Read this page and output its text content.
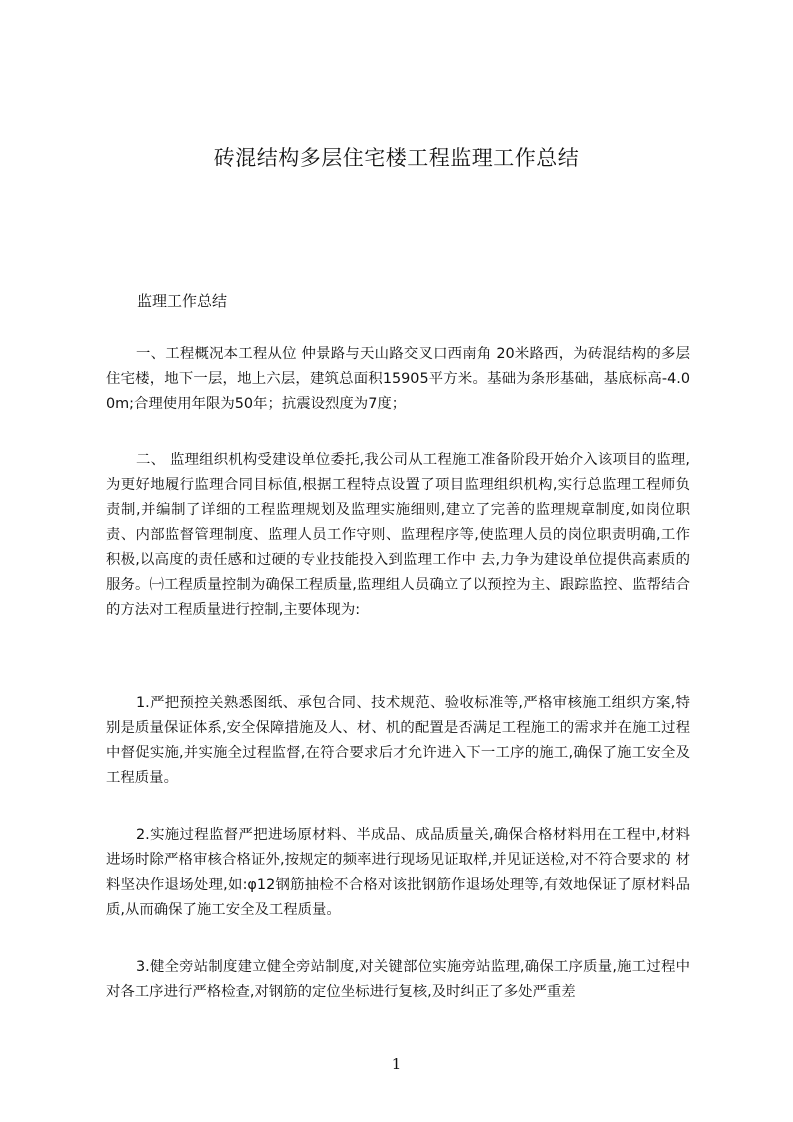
砖混结构多层住宅楼工程监理工作总结
监理工作总结
一、工程概况本工程从位 仲景路与天山路交叉口西南角 20米路西，为砖混结构的多层住宅楼，地下一层，地上六层，建筑总面积15905平方米。基础为条形基础，基底标高-4.00m;合理使用年限为50年；抗震设烈度为7度；
二、 监理组织机构受建设单位委托,我公司从工程施工准备阶段开始介入该项目的监理,为更好地履行监理合同目标值,根据工程特点设置了项目监理组织机构,实行总监理工程师负责制,并编制了详细的工程监理规划及监理实施细则,建立了完善的监理规章制度,如岗位职责、内部监督管理制度、监理人员工作守则、监理程序等,使监理人员的岗位职责明确,工作积极,以高度的责任感和过硬的专业技能投入到监理工作中 去,力争为建设单位提供高素质的服务。㈠工程质量控制为确保工程质量,监理组人员确立了以预控为主、跟踪监控、监帮结合的方法对工程质量进行控制,主要体现为:
1.严把预控关熟悉图纸、承包合同、技术规范、验收标准等,严格审核施工组织方案,特别是质量保证体系,安全保障措施及人、材、机的配置是否满足工程施工的需求并在施工过程中督促实施,并实施全过程监督,在符合要求后才允许进入下一工序的施工,确保了施工安全及工程质量。
2.实施过程监督严把进场原材料、半成品、成品质量关,确保合格材料用在工程中,材料进场时除严格审核合格证外,按规定的频率进行现场见证取样,并见证送检,对不符合要求的 材料坚决作退场处理,如:φ12钢筋抽检不合格对该批钢筋作退场处理等,有效地保证了原材料品质,从而确保了施工安全及工程质量。
3.健全旁站制度建立健全旁站制度,对关键部位实施旁站监理,确保工序质量,施工过程中对各工序进行严格检查,对钢筋的定位坐标进行复核,及时纠正了多处严重差
1
